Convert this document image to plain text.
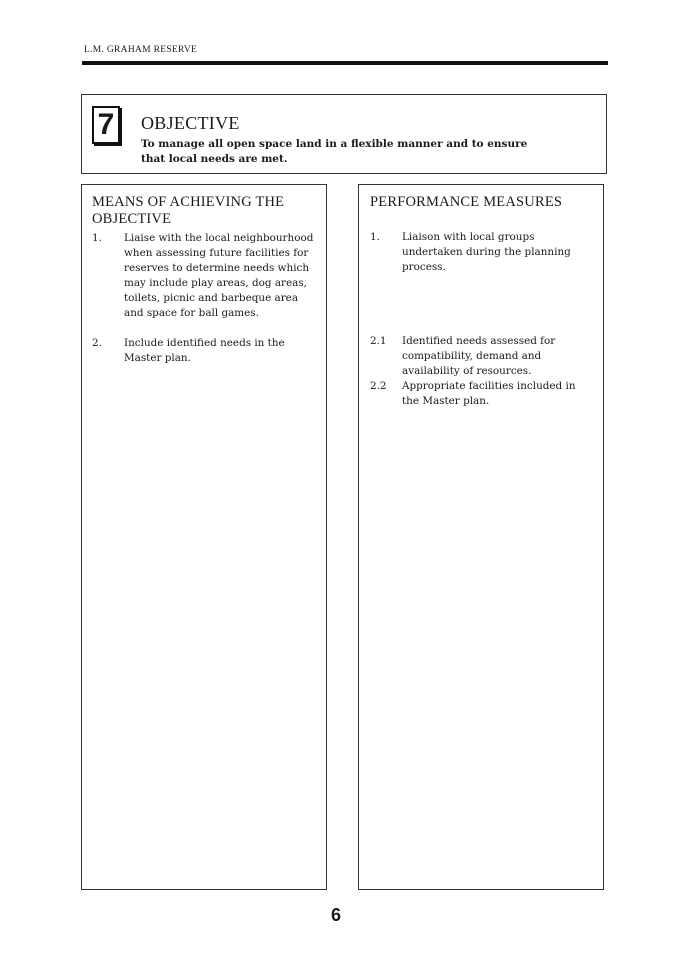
L.M. GRAHAM RESERVE
7	OBJECTIVE
To manage all open space land in a flexible manner and to ensure that local needs are met.
MEANS OF ACHIEVING THE
OBJECTIVE
1. Liaise with the local neighbourhood when assessing future facilities for reserves to determine needs which may include play areas, dog areas, toilets, picnic and barbeque area and space for ball games.
2. Include identified needs in the Master plan.
PERFORMANCE MEASURES
1. Liaison with local groups undertaken during the planning process.
2.1 Identified needs assessed for compatibility, demand and availability of resources.
2.2 Appropriate facilities included in the Master plan.
6
